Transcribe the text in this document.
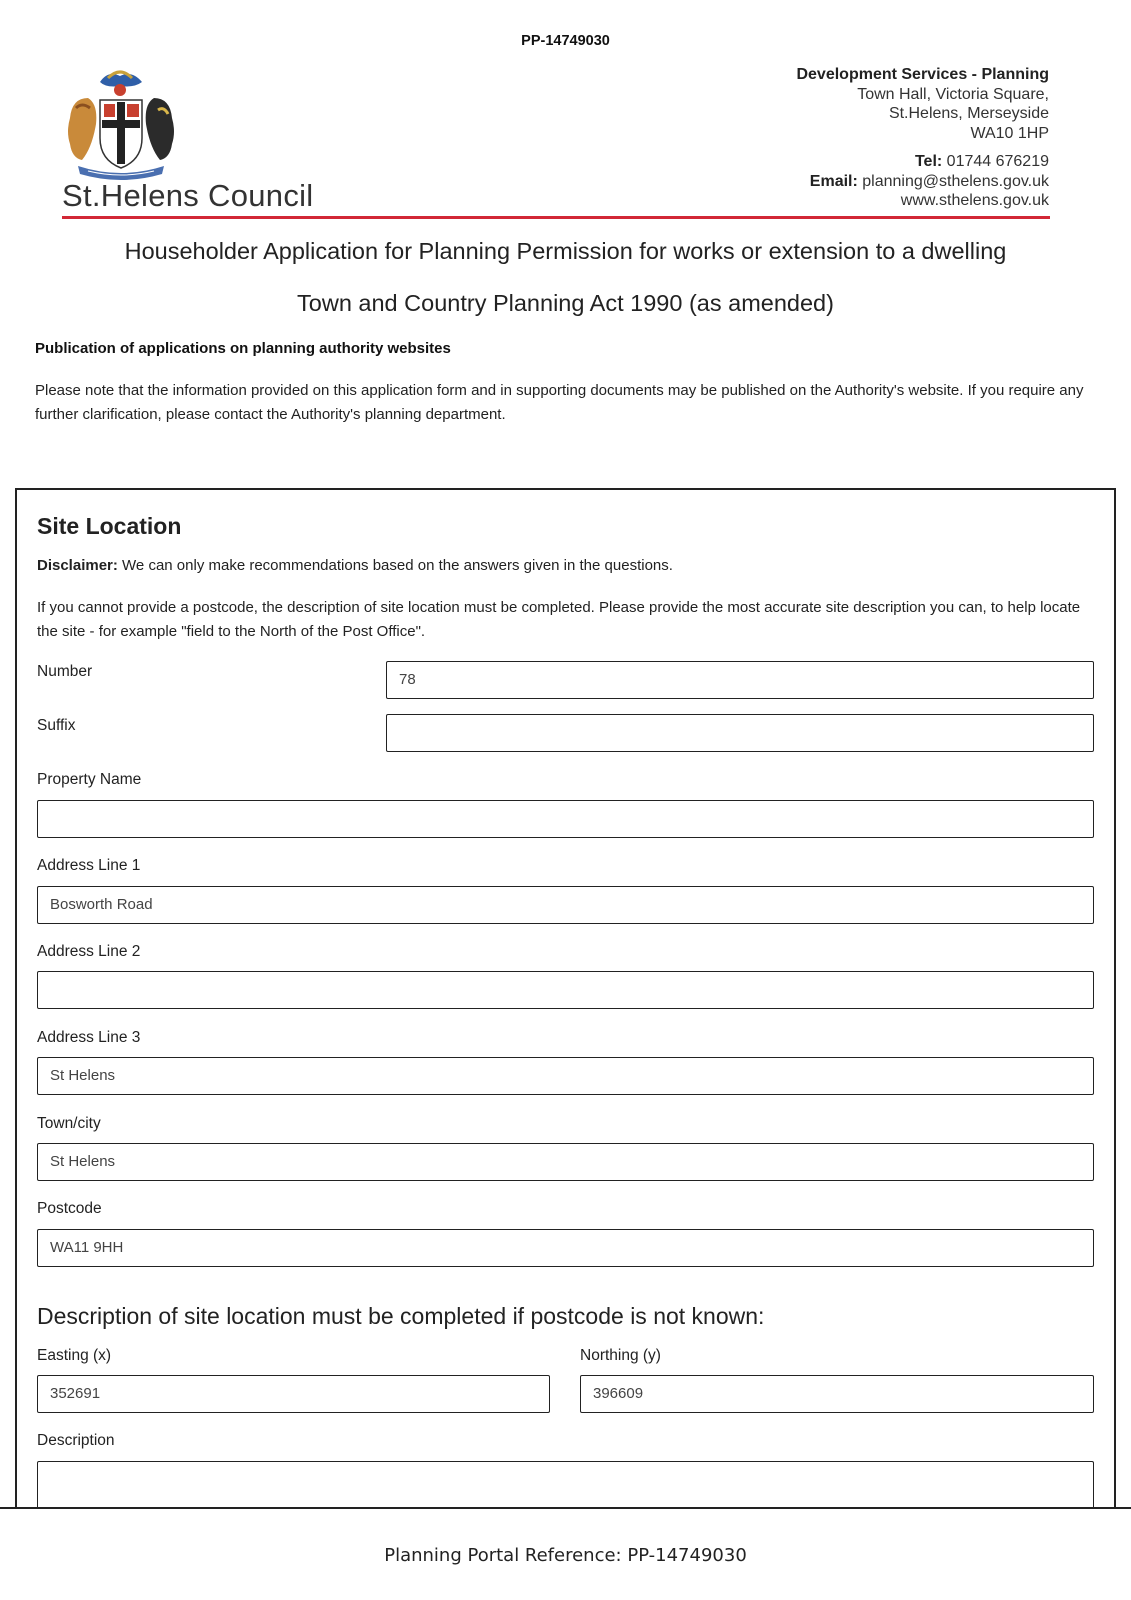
PP-14749030
St.Helens Council
Development Services - Planning
Town Hall, Victoria Square,
St.Helens, Merseyside
WA10 1HP
Tel: 01744 676219
Email: planning@sthelens.gov.uk
www.sthelens.gov.uk
Householder Application for Planning Permission for works or extension to a dwelling
Town and Country Planning Act 1990 (as amended)
Publication of applications on planning authority websites
Please note that the information provided on this application form and in supporting documents may be published on the Authority's website. If you require any further clarification, please contact the Authority's planning department.
Site Location
Disclaimer: We can only make recommendations based on the answers given in the questions.
If you cannot provide a postcode, the description of site location must be completed. Please provide the most accurate site description you can, to help locate the site - for example "field to the North of the Post Office".
Number	78
Suffix
Property Name
Address Line 1
Bosworth Road
Address Line 2
Address Line 3
St Helens
Town/city
St Helens
Postcode
WA11 9HH
Description of site location must be completed if postcode is not known:
Easting (x)
352691
Northing (y)
396609
Description
Planning Portal Reference: PP-14749030
